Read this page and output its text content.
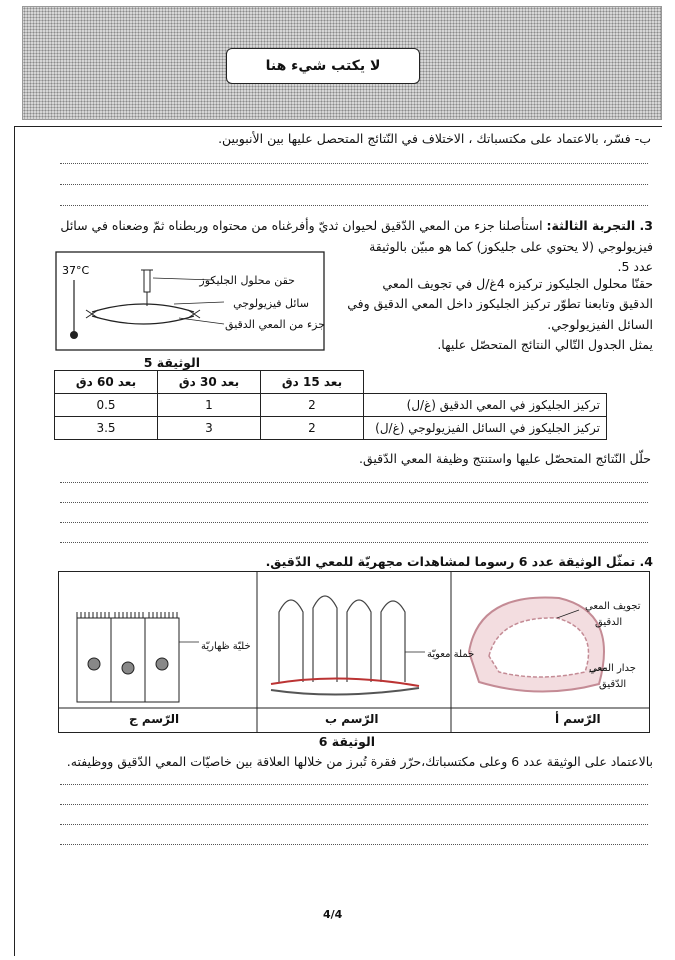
لا يكتب شيء هنا
ب- فسّر، بالاعتماد على مكتسباتك ، الاختلاف في النّتائج المتحصل عليها بين الأنبوبين.
3. التجربة الثالثة: استأصلنا جزء من المعي الدّقيق لحيوان ثديّ وأفرغناه من محتواه وربطناه ثمّ وضعناه في سائل
فيزيولوجي (لا يحتوي على جليكوز) كما هو مبيّن بالوثيقة
عدد 5.
حقنّا محلول الجليكوز تركيزه 4غ/ل في تجويف المعي
الدقيق وتابعنا تطوّر تركيز الجليكوز داخل المعي الدقيق وفي
السائل الفيزيولوجي.
يمثل الجدول التّالي النتائج المتحصّل عليها.
37°C
حقن محلول الجليكوز
سائل فيزيولوجي
جزء من المعي الدقيق
الوثيقة 5
	بعد 15 دق	بعد 30 دق	بعد 60 دق
تركيز الجليكوز في المعي الدقيق (غ/ل)	2	1	0.5
تركيز الجليكوز في السائل الفيزيولوجي (غ/ل)	2	3	3.5
حلّل النّتائج المتحصّل عليها واستنتج وظيفة المعي الدّقيق.
4. تمثّل الوثيقة عدد 6 رسوما لمشاهدات مجهريّة للمعي الدّقيق.
خليّة ظهاريّة
خملة معويّة
تجويف المعي
الدقيق
جدار المعي
الدّقيق
الرّسم ج	الرّسم ب	الرّسم أ
الوثيقة 6
بالاعتماد على الوثيقة عدد 6 وعلى مكتسباتك،حرّر فقرة تُبرز من خلالها العلاقة بين خاصيّات المعي الدّقيق ووظيفته.
4/4
